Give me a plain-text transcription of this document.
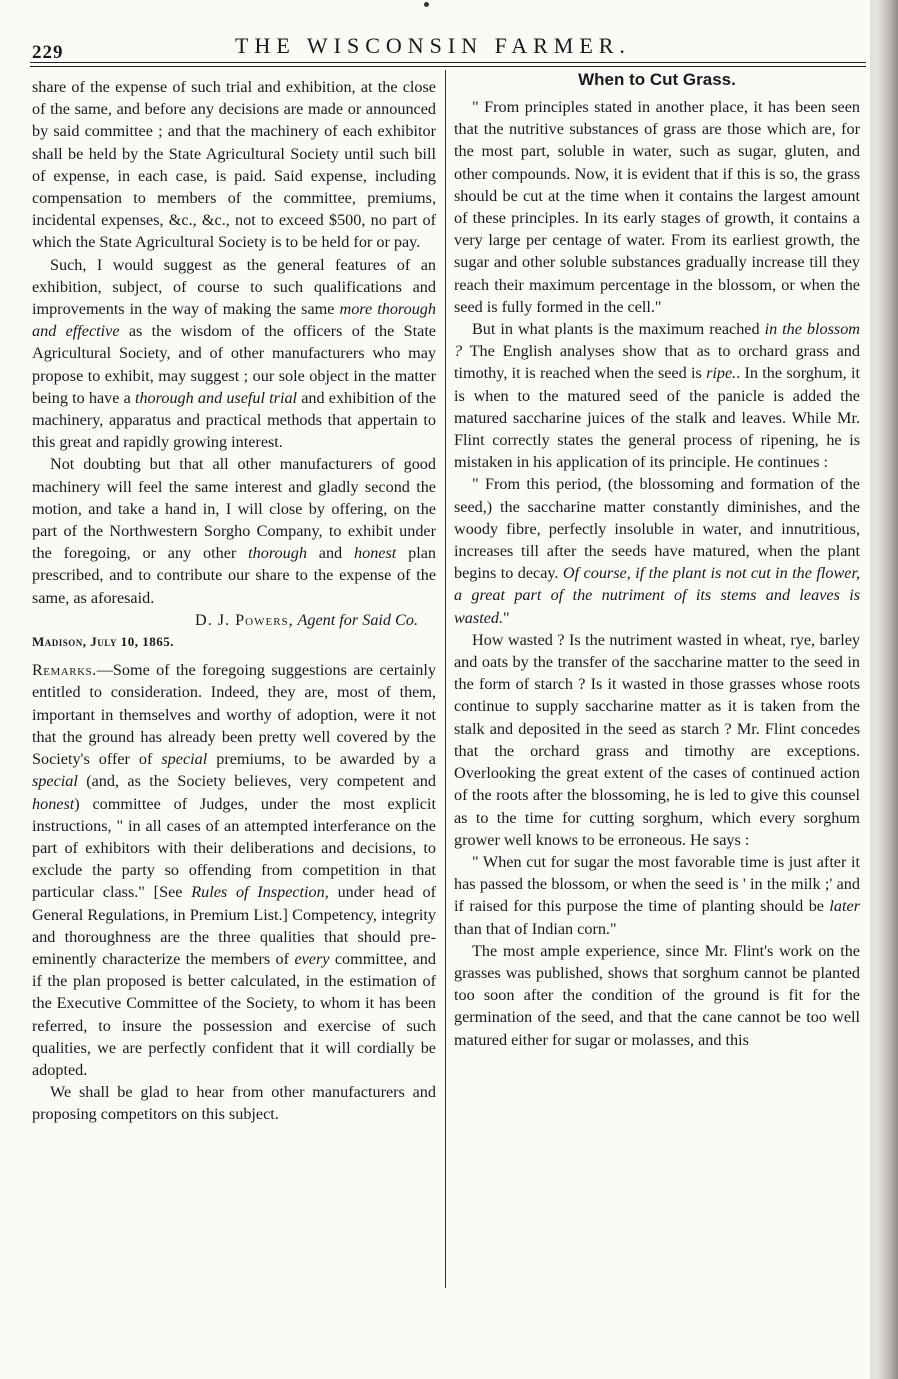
229	THE WISCONSIN FARMER.

share of the expense of such trial and exhibition, at the close of the same, and before any decisions are made or announced by said committee ; and that the machinery of each exhibitor shall be held by the State Agricultural Society until such bill of expense, in each case, is paid. Said expense, including compensation to members of the committee, premiums, incidental expenses, &c., &c., not to exceed $500, no part of which the State Agricultural Society is to be held for or pay.

Such, I would suggest as the general features of an exhibition, subject, of course to such qualifications and improvements in the way of making the same more thorough and effective as the wisdom of the officers of the State Agricultural Society, and of other manufacturers who may propose to exhibit, may suggest ; our sole object in the matter being to have a thorough and useful trial and exhibition of the machinery, apparatus and practical methods that appertain to this great and rapidly growing interest.

Not doubting but that all other manufacturers of good machinery will feel the same interest and gladly second the motion, and take a hand in, I will close by offering, on the part of the Northwestern Sorgho Company, to exhibit under the foregoing, or any other thorough and honest plan prescribed, and to contribute our share to the expense of the same, as aforesaid.

D. J. Powers, Agent for Said Co.

Madison, July 10, 1865.

Remarks.—Some of the foregoing suggestions are certainly entitled to consideration. Indeed, they are, most of them, important in themselves and worthy of adoption, were it not that the ground has already been pretty well covered by the Society's offer of special premiums, to be awarded by a special (and, as the Society believes, very competent and honest) committee of Judges, under the most explicit instructions, " in all cases of an attempted interferance on the part of exhibitors with their deliberations and decisions, to exclude the party so offending from competition in that particular class." [See Rules of Inspection, under head of General Regulations, in Premium List.] Competency, integrity and thoroughness are the three qualities that should pre-eminently characterize the members of every committee, and if the plan proposed is better calculated, in the estimation of the Executive Committee of the Society, to whom it has been referred, to insure the possession and exercise of such qualities, we are perfectly confident that it will cordially be adopted.

We shall be glad to hear from other manufacturers and proposing competitors on this subject.

When to Cut Grass.

" From principles stated in another place, it has been seen that the nutritive substances of grass are those which are, for the most part, soluble in water, such as sugar, gluten, and other compounds. Now, it is evident that if this is so, the grass should be cut at the time when it contains the largest amount of these principles. In its early stages of growth, it contains a very large per centage of water. From its earliest growth, the sugar and other soluble substances gradually increase till they reach their maximum percentage in the blossom, or when the seed is fully formed in the cell."

But in what plants is the maximum reached in the blossom ? The English analyses show that as to orchard grass and timothy, it is reached when the seed is ripe.. In the sorghum, it is when to the matured seed of the panicle is added the matured saccharine juices of the stalk and leaves. While Mr. Flint correctly states the general process of ripening, he is mistaken in his application of its principle. He continues :

" From this period, (the blossoming and formation of the seed,) the saccharine matter constantly diminishes, and the woody fibre, perfectly insoluble in water, and innutritious, increases till after the seeds have matured, when the plant begins to decay. Of course, if the plant is not cut in the flower, a great part of the nutriment of its stems and leaves is wasted."

How wasted ? Is the nutriment wasted in wheat, rye, barley and oats by the transfer of the saccharine matter to the seed in the form of starch ? Is it wasted in those grasses whose roots continue to supply saccharine matter as it is taken from the stalk and deposited in the seed as starch ? Mr. Flint concedes that the orchard grass and timothy are exceptions. Overlooking the great extent of the cases of continued action of the roots after the blossoming, he is led to give this counsel as to the time for cutting sorghum, which every sorghum grower well knows to be erroneous. He says :

" When cut for sugar the most favorable time is just after it has passed the blossom, or when the seed is ' in the milk ;' and if raised for this purpose the time of planting should be later than that of Indian corn."

The most ample experience, since Mr. Flint's work on the grasses was published, shows that sorghum cannot be planted too soon after the condition of the ground is fit for the germination of the seed, and that the cane cannot be too well matured either for sugar or molasses, and this
